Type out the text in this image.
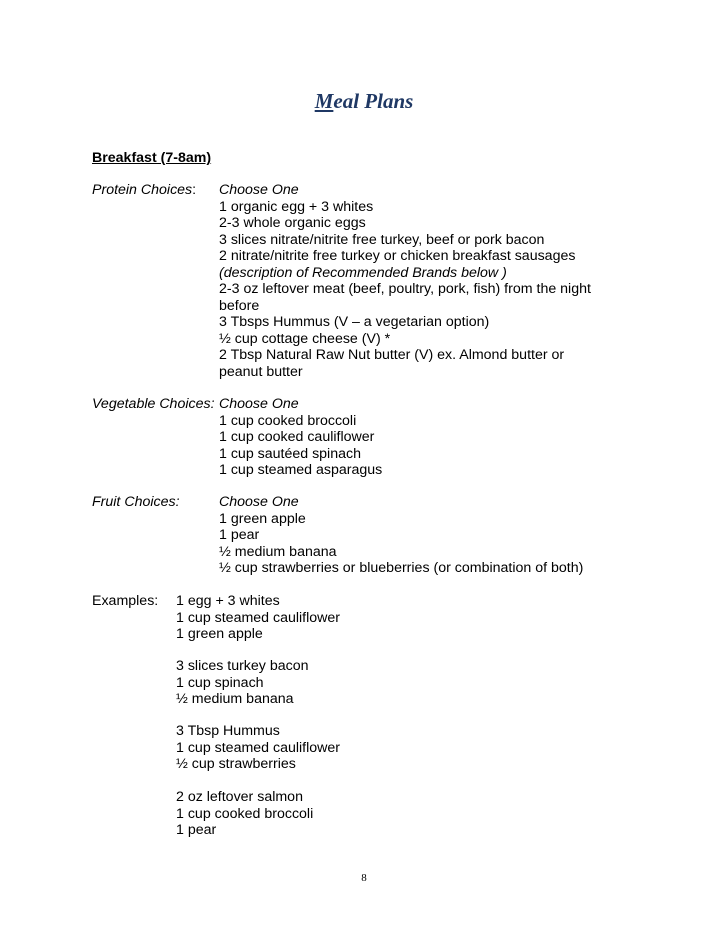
Meal Plans
Breakfast (7-8am)
Protein Choices: Choose One
1 organic egg + 3 whites
2-3 whole organic eggs
3 slices nitrate/nitrite free turkey, beef or pork bacon
2 nitrate/nitrite free turkey or chicken breakfast sausages
(description of Recommended Brands below )
2-3 oz leftover meat (beef, poultry, pork, fish) from the night
before
3 Tbsps Hummus (V – a vegetarian option)
½ cup cottage cheese (V) *
2 Tbsp Natural Raw Nut butter (V) ex. Almond butter or
peanut butter
Vegetable Choices: Choose One
1 cup cooked broccoli
1 cup cooked cauliflower
1 cup sautéed spinach
1 cup steamed asparagus
Fruit Choices:	Choose One
1 green apple
1 pear
½ medium banana
½ cup strawberries or blueberries (or combination of both)
Examples: 1 egg + 3 whites
1 cup steamed cauliflower
1 green apple
3 slices turkey bacon
1 cup spinach
½ medium banana
3 Tbsp Hummus
1 cup steamed cauliflower
½ cup strawberries
2 oz leftover salmon
1 cup cooked broccoli
1 pear
8
